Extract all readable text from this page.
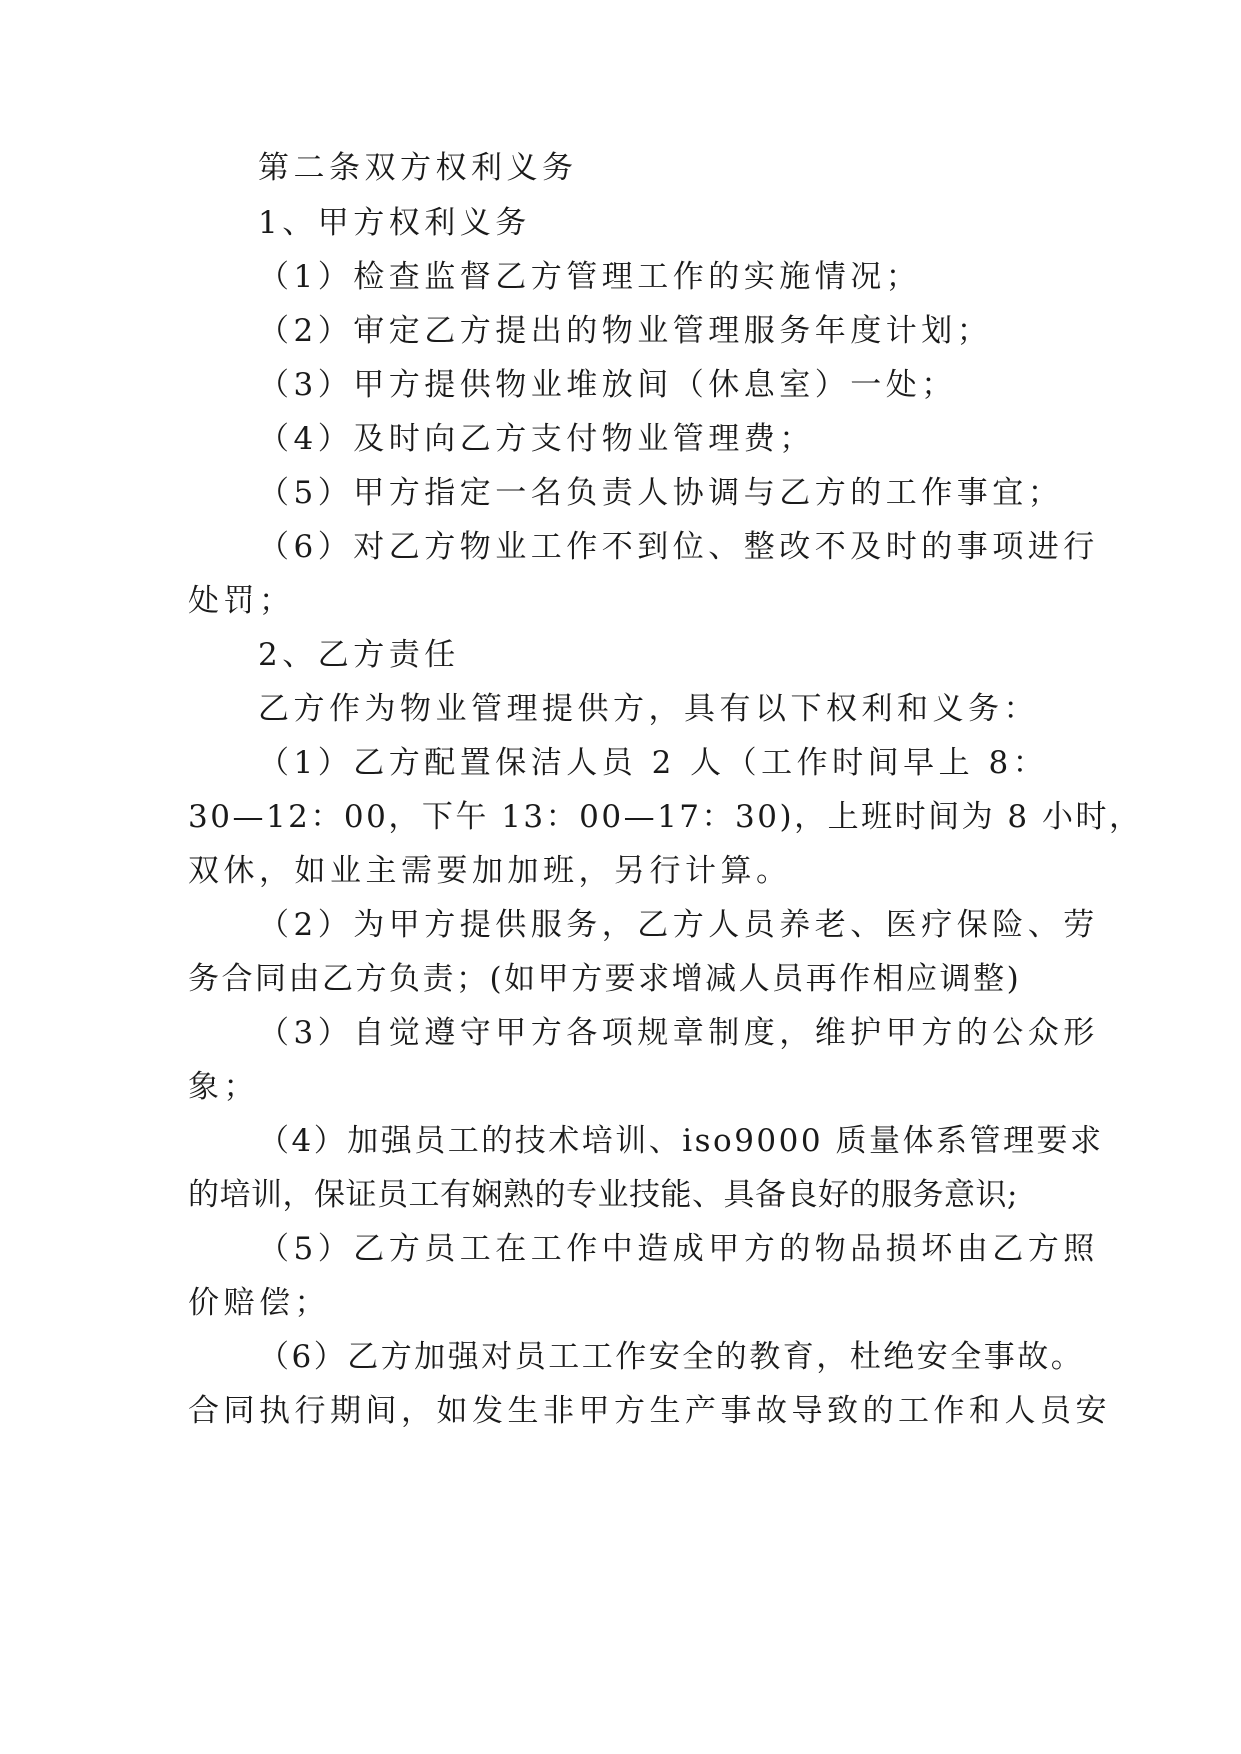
第二条双方权利义务
1、甲方权利义务
（1）检查监督乙方管理工作的实施情况；
（2）审定乙方提出的物业管理服务年度计划；
（3）甲方提供物业堆放间（休息室）一处；
（4）及时向乙方支付物业管理费；
（5）甲方指定一名负责人协调与乙方的工作事宜；
（6）对乙方物业工作不到位、整改不及时的事项进行
处罚；
2、乙方责任
乙方作为物业管理提供方，具有以下权利和义务：
（1）乙方配置保洁人员 2 人（工作时间早上 8：
30—12：00，下午 13：00—17：30)，上班时间为 8 小时，
双休，如业主需要加加班，另行计算。
（2）为甲方提供服务，乙方人员养老、医疗保险、劳
务合同由乙方负责；(如甲方要求增减人员再作相应调整)
（3）自觉遵守甲方各项规章制度，维护甲方的公众形
象；
（4）加强员工的技术培训、iso9000 质量体系管理要求
的培训，保证员工有娴熟的专业技能、具备良好的服务意识;
（5）乙方员工在工作中造成甲方的物品损坏由乙方照
价赔偿；
（6）乙方加强对员工工作安全的教育，杜绝安全事故。
合同执行期间，如发生非甲方生产事故导致的工作和人员安
